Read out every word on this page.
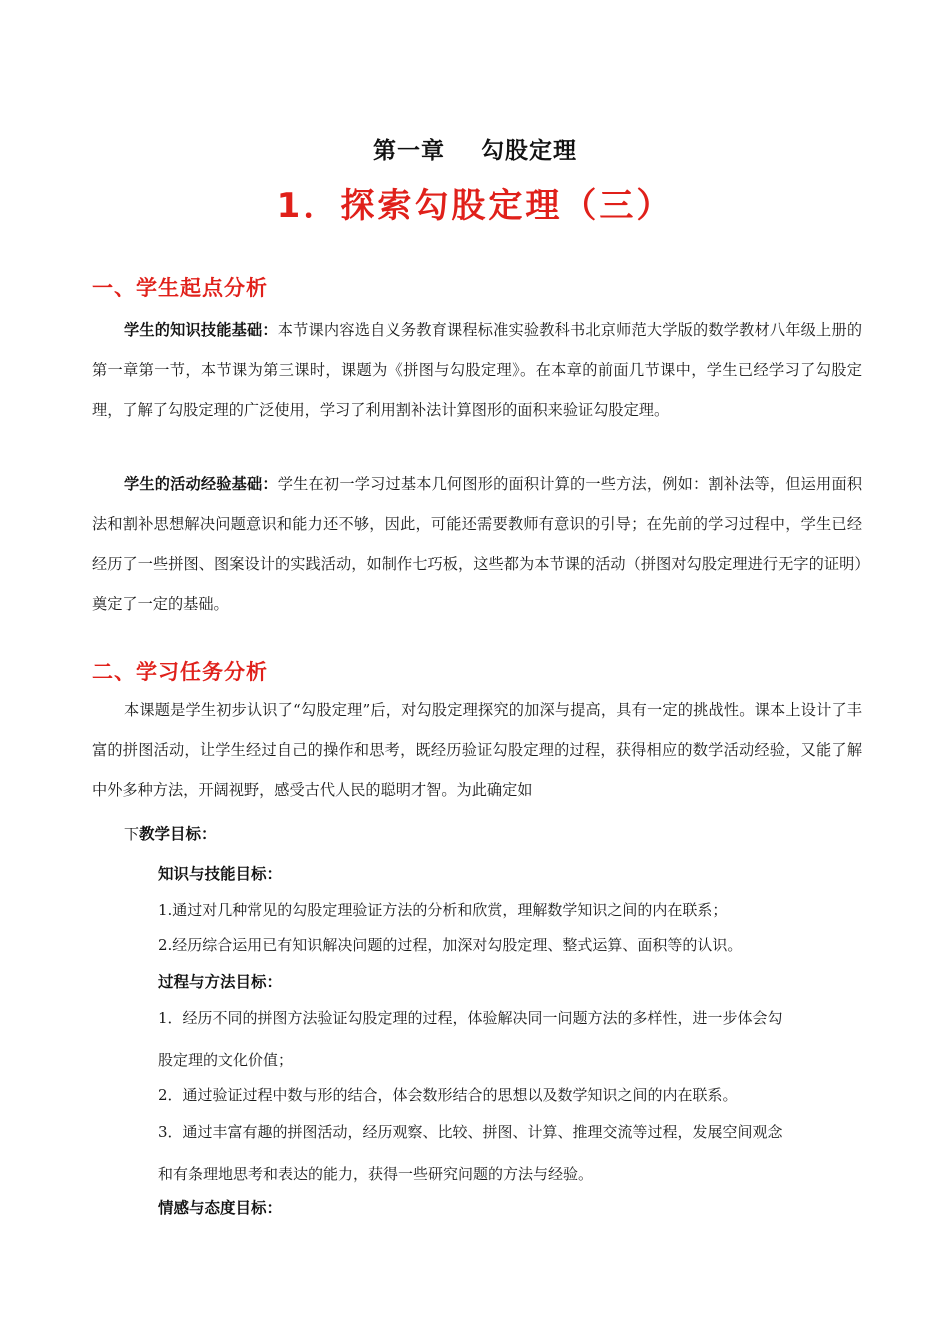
第一章    勾股定理
1．探索勾股定理（三）
一、学生起点分析
学生的知识技能基础：本节课内容选自义务教育课程标准实验教科书北京师范大学版的数学教材八年级上册的第一章第一节，本节课为第三课时，课题为《拼图与勾股定理》。在本章的前面几节课中，学生已经学习了勾股定理，了解了勾股定理的广泛使用，学习了利用割补法计算图形的面积来验证勾股定理。
学生的活动经验基础：学生在初一学习过基本几何图形的面积计算的一些方法，例如：割补法等，但运用面积法和割补思想解决问题意识和能力还不够，因此，可能还需要教师有意识的引导；在先前的学习过程中，学生已经经历了一些拼图、图案设计的实践活动，如制作七巧板，这些都为本节课的活动（拼图对勾股定理进行无字的证明）奠定了一定的基础。
二、学习任务分析
本课题是学生初步认识了“勾股定理”后，对勾股定理探究的加深与提高，具有一定的挑战性。课本上设计了丰富的拼图活动，让学生经过自己的操作和思考，既经历验证勾股定理的过程，获得相应的数学活动经验，又能了解中外多种方法，开阔视野，感受古代人民的聪明才智。为此确定如
下教学目标：
知识与技能目标：
1.通过对几种常见的勾股定理验证方法的分析和欣赏，理解数学知识之间的内在联系；
2.经历综合运用已有知识解决问题的过程，加深对勾股定理、整式运算、面积等的认识。
过程与方法目标：
1．经历不同的拼图方法验证勾股定理的过程，体验解决同一问题方法的多样性，进一步体会勾
股定理的文化价值；
2．通过验证过程中数与形的结合，体会数形结合的思想以及数学知识之间的内在联系。
3．通过丰富有趣的拼图活动，经历观察、比较、拼图、计算、推理交流等过程，发展空间观念
和有条理地思考和表达的能力，获得一些研究问题的方法与经验。
情感与态度目标：
